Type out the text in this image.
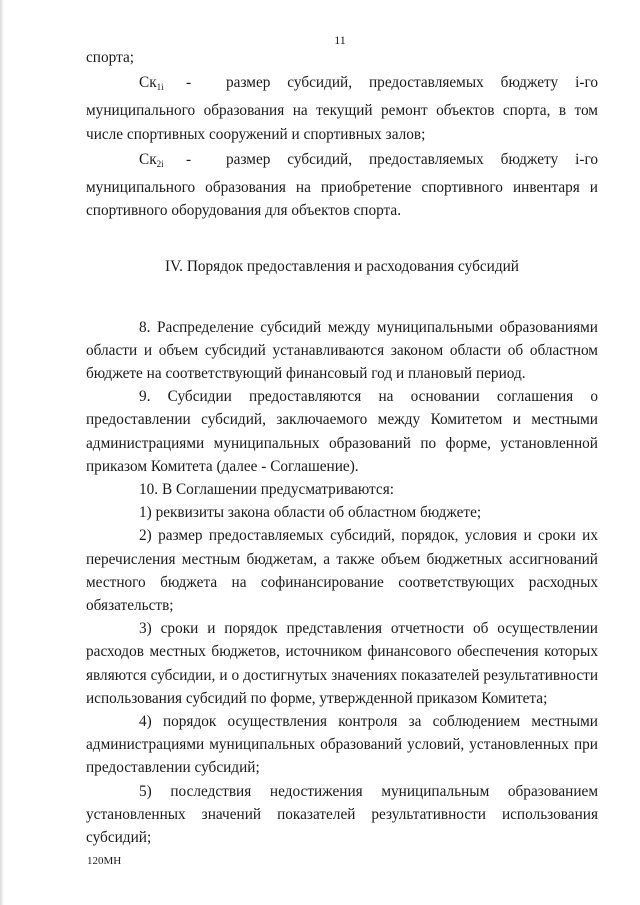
11

спорта;

$Ск_{1i}$	-	размер субсидий, предоставляемых бюджету i-го

муниципального образования на текущий ремонт объектов спорта, в том числе спортивных сооружений и спортивных залов;

$Ск_{2i}$	-	размер субсидий, предоставляемых бюджету i-го

муниципального образования на приобретение спортивного инвентаря и спортивного оборудования для объектов спорта.

IV. Порядок предоставления и расходования субсидий

8. Распределение субсидий между муниципальными образованиями области и объем субсидий устанавливаются законом области об областном бюджете на соответствующий финансовый год и плановый период.

9. Субсидии предоставляются на основании соглашения о предоставлении субсидий, заключаемого между Комитетом и местными администрациями муниципальных образований по форме, установленной приказом Комитета (далее - Соглашение).

10. В Соглашении предусматриваются:

1) реквизиты закона области об областном бюджете;

2) размер предоставляемых субсидий, порядок, условия и сроки их перечисления местным бюджетам, а также объем бюджетных ассигнований местного бюджета на софинансирование соответствующих расходных обязательств;

3) сроки и порядок представления отчетности об осуществлении расходов местных бюджетов, источником финансового обеспечения которых являются субсидии, и о достигнутых значениях показателей результативности использования субсидий по форме, утвержденной приказом Комитета;

4) порядок осуществления контроля за соблюдением местными администрациями муниципальных образований условий, установленных при предоставлении субсидий;

5) последствия недостижения муниципальным образованием установленных значений показателей результативности использования субсидий;

120МН
